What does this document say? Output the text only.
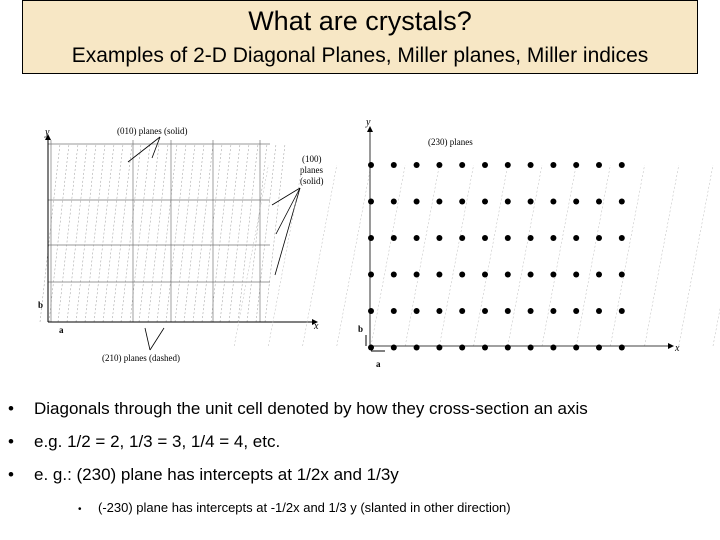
What are crystals?
Examples of 2-D Diagonal Planes, Miller planes, Miller indices
y
x
a
b
(010) planes (solid)
(100)
planes
(solid)
(210) planes (dashed)
y
x
a
b
(230) planes
• Diagonals through the unit cell denoted by how they cross-section an axis
• e.g. 1/2 = 2, 1/3 = 3, 1/4 = 4, etc.
• e. g.: (230) plane has intercepts at 1/2x and 1/3y
• (-230) plane has intercepts at -1/2x and 1/3 y (slanted in other direction)
